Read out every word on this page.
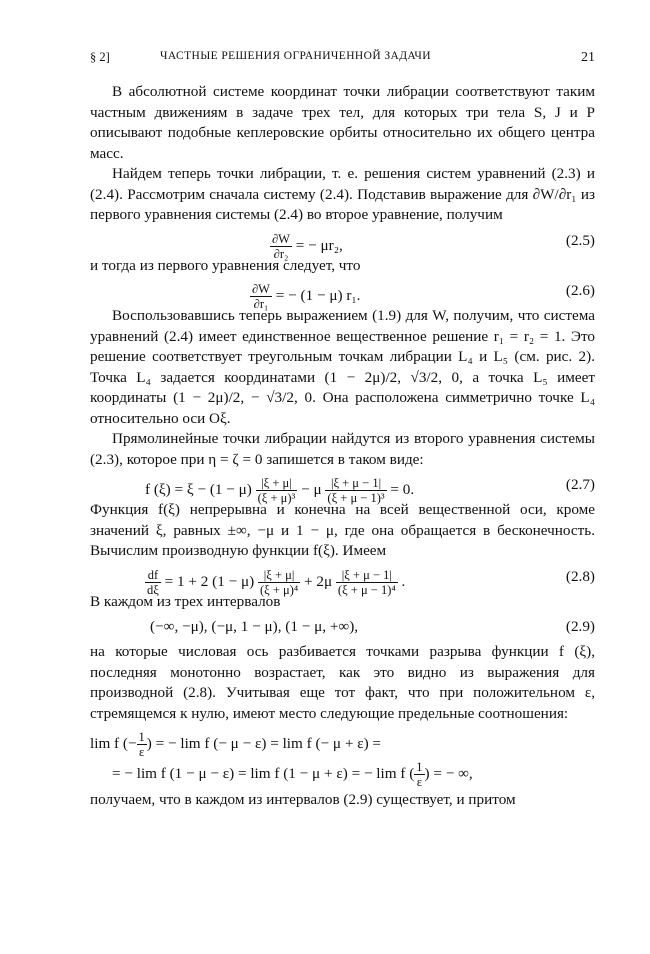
§ 2]	ЧАСТНЫЕ РЕШЕНИЯ ОГРАНИЧЕННОЙ ЗАДАЧИ	21

В абсолютной системе координат точки либрации соответствуют таким частным движениям в задаче трех тел, для которых три тела S, J и P описывают подобные кеплеровские орбиты относительно их общего центра масс.

Найдем теперь точки либрации, т. е. решения систем уравнений (2.3) и (2.4). Рассмотрим сначала систему (2.4). Подставив выражение для ∂W/∂r₁ из первого уравнения системы (2.4) во второе уравнение, получим

$\frac{\partial W}{\text{∂r₂}}$ = − μr₂,	(2.5)

и тогда из первого уравнения следует, что

$\frac{\partial W}{\text{∂r₁}}$ = − (1 − μ) r₁.	(2.6)

Воспользовавшись теперь выражением (1.9) для W, получим, что система уравнений (2.4) имеет единственное вещественное решение r₁ = r₂ = 1. Это решение соответствует треугольным точкам либрации L₄ и L₅ (см. рис. 2). Точка L₄ задается координатами (1 − 2μ)/2, √3/2, 0, а точка L₅ имеет координаты (1 − 2μ)/2, − √3/2, 0. Она расположена симметрично точке L₄ относительно оси Oξ.

Прямолинейные точки либрации найдутся из второго уравнения системы (2.3), которое при η = ζ = 0 запишется в таком виде:

f $(\xi) = \xi - (1 - \mu) \frac{|\xi + \mu|}{\text{(ξ + μ)³}} - \mu \frac{|\xi + \mu - 1|}{\text{(ξ + μ − 1)³}} = 0$.	(2.7)

Функция f(ξ) непрерывна и конечна на всей вещественной оси, кроме значений ξ, равных ±∞, −μ и 1 − μ, где она обращается в бесконечность. Вычислим производную функции f(ξ). Имеем

$\frac{df}{d\xi} = 1 + 2$ $(1 - \mu) \frac{|\xi + \mu|}{\text{(ξ + μ)⁴}} + 2\mu \frac{|\xi + \mu - 1|}{\text{(ξ + μ − 1)⁴}}$ .	(2.8)

В каждом из трех интервалов

(−∞, −μ), (−μ, 1 − μ), (1 − μ, +∞),	(2.9)

на которые числовая ось разбивается точками разрыва функции f (ξ), последняя монотонно возрастает, как это видно из выражения для производной (2.8). Учитывая еще тот факт, что при положительном ε, стремящемся к нулю, имеют место следующие предельные соотношения:

lim f (− $\frac{1}{\varepsilon}$ ) = − lim f (− μ − ε) = lim f (− μ + ε) =
= − lim f (1 − μ − ε) = lim f (1 − μ + ε) = − lim f ( $\frac{1}{\varepsilon}$ ) = − ∞,

получаем, что в каждом из интервалов (2.9) существует, и притом
